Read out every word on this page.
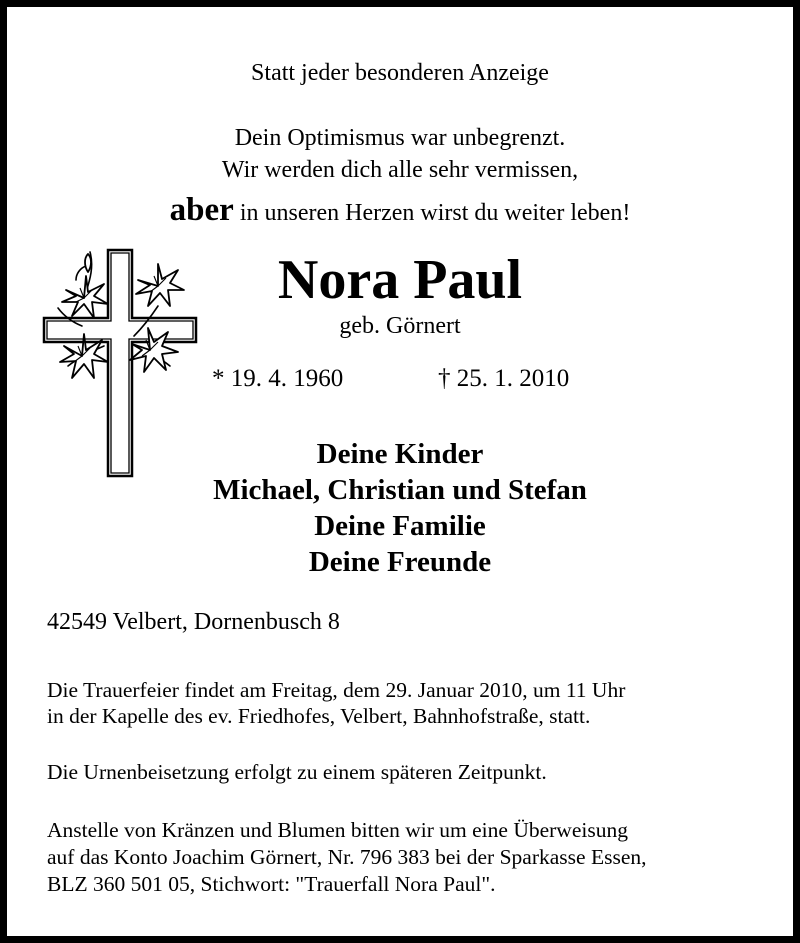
Statt jeder besonderen Anzeige
Dein Optimismus war unbegrenzt.
Wir werden dich alle sehr vermissen,
aber in unseren Herzen wirst du weiter leben!
Nora Paul
geb. Görnert
* 19. 4. 1960	† 25. 1. 2010
Deine Kinder
Michael, Christian und Stefan
Deine Familie
Deine Freunde
42549 Velbert, Dornenbusch 8
Die Trauerfeier findet am Freitag, dem 29. Januar 2010, um 11 Uhr
in der Kapelle des ev. Friedhofes, Velbert, Bahnhofstraße, statt.
Die Urnenbeisetzung erfolgt zu einem späteren Zeitpunkt.
Anstelle von Kränzen und Blumen bitten wir um eine Überweisung
auf das Konto Joachim Görnert, Nr. 796 383 bei der Sparkasse Essen,
BLZ 360 501 05, Stichwort: "Trauerfall Nora Paul".
